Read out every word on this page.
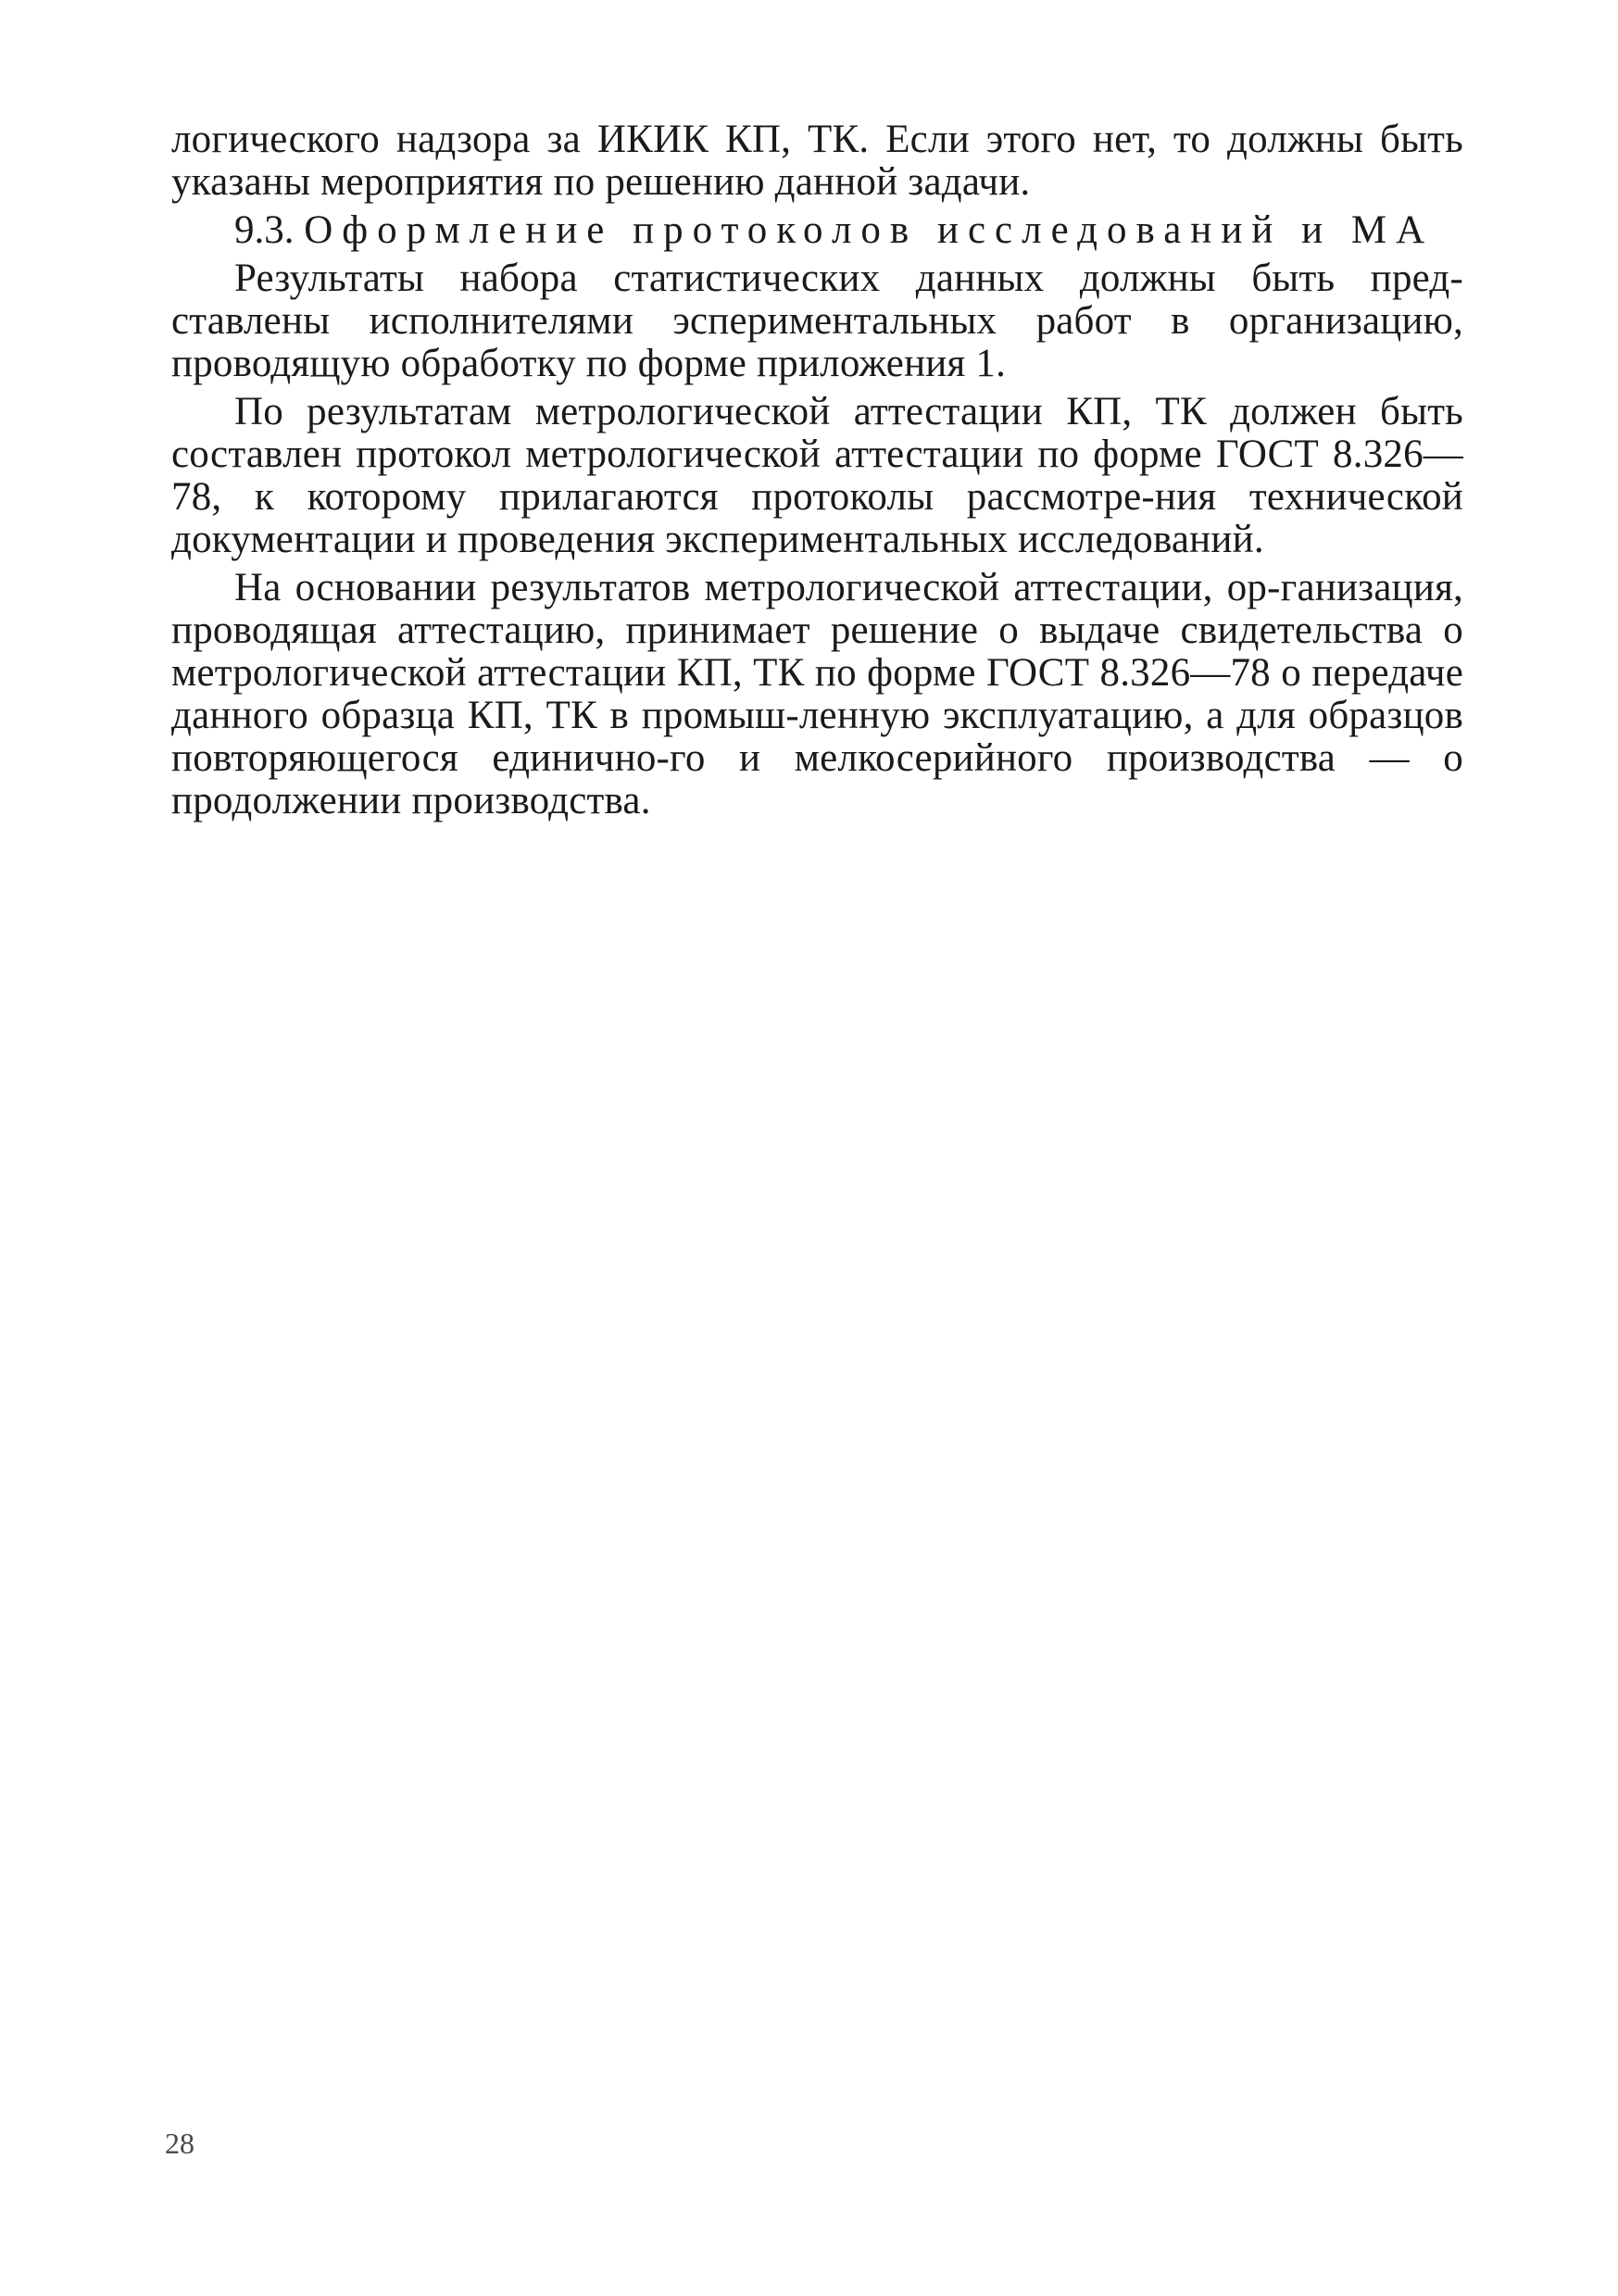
логического надзора за ИКИК КП, ТК. Если этого нет, то должны быть указаны мероприятия по решению данной задачи.

9.3. Оформление протоколов исследований и МА

Результаты набора статистических данных должны быть пред-ставлены исполнителями эспериментальных работ в организацию, проводящую обработку по форме приложения 1.

По результатам метрологической аттестации КП, ТК должен быть составлен протокол метрологической аттестации по форме ГОСТ 8.326—78, к которому прилагаются протоколы рассмотре-ния технической документации и проведения экспериментальных исследований.

На основании результатов метрологической аттестации, ор-ганизация, проводящая аттестацию, принимает решение о выдаче свидетельства о метрологической аттестации КП, ТК по форме ГОСТ 8.326—78 о передаче данного образца КП, ТК в промыш-ленную эксплуатацию, а для образцов повторяющегося единично-го и мелкосерийного производства — о продолжении производства.

28
